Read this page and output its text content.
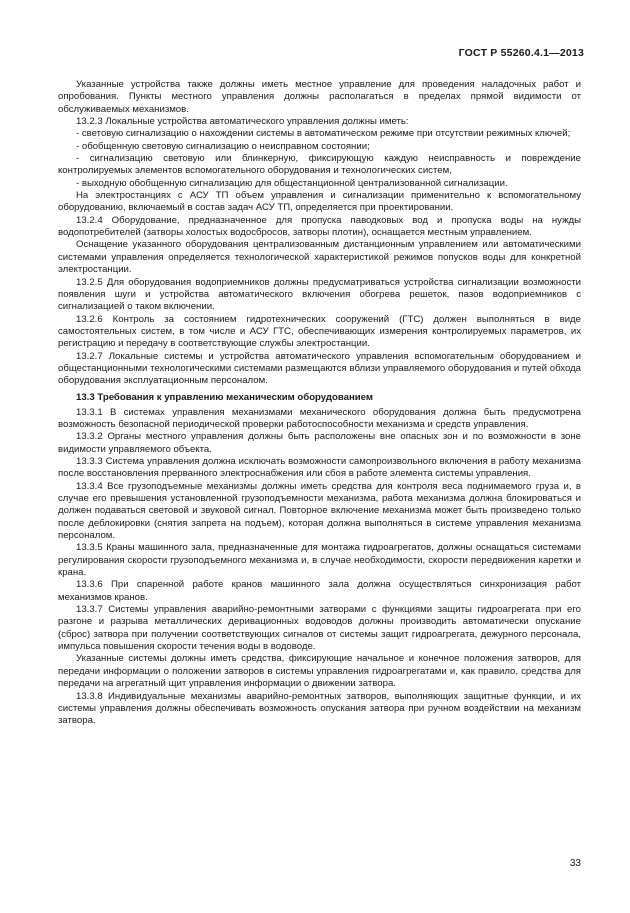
ГОСТ Р 55260.4.1—2013

Указанные устройства также должны иметь местное управление для проведения наладочных работ и опробования. Пункты местного управления должны располагаться в пределах прямой видимости от обслуживаемых механизмов.

13.2.3 Локальные устройства автоматического управления должны иметь:

- световую сигнализацию о нахождении системы в автоматическом режиме при отсутствии режимных ключей;

- обобщенную световую сигнализацию о неисправном состоянии;

- сигнализацию световую или блинкерную, фиксирующую каждую неисправность и повреждение контролируемых элементов вспомогательного оборудования и технологических систем,

- выходную обобщенную сигнализацию для общестанционной централизованной сигнализации.

На электростанциях с АСУ ТП объем управления и сигнализации применительно к вспомогательному оборудованию, включаемый в состав задач АСУ ТП, определяется при проектировании.

13.2.4 Оборудование, предназначенное для пропуска паводковых вод и пропуска воды на нужды водопотребителей (затворы холостых водосбросов, затворы плотин), оснащается местным управлением.

Оснащение указанного оборудования централизованным дистанционным управлением или автоматическими системами управления определяется технологической характеристикой режимов попусков воды для конкретной электростанции.

13.2.5 Для оборудования водоприемников должны предусматриваться устройства сигнализации возможности появления шуги и устройства автоматического включения обогрева решеток, пазов водоприемников с сигнализацией о таком включении.

13.2.6 Контроль за состоянием гидротехнических сооружений (ГТС) должен выполняться в виде самостоятельных систем, в том числе и АСУ ГТС, обеспечивающих измерения контролируемых параметров, их регистрацию и передачу в соответствующие службы электростанции.

13.2.7 Локальные системы и устройства автоматического управления вспомогательным оборудованием и общестанционными технологическими системами размещаются вблизи управляемого оборудования и путей обхода оборудования эксплуатационным персоналом.

13.3 Требования к управлению механическим оборудованием

13.3.1 В системах управления механизмами механического оборудования должна быть предусмотрена возможность безопасной периодической проверки работоспособности механизма и средств управления.

13.3.2 Органы местного управления должны быть расположены вне опасных зон и по возможности в зоне видимости управляемого объекта.

13.3.3 Система управления должна исключать возможности самопроизвольного включения в работу механизма после восстановления прерванного электроснабжения или сбоя в работе элемента системы управления.

13.3.4 Все грузоподъемные механизмы должны иметь средства для контроля веса поднимаемого груза и, в случае его превышения установленной грузоподъемности механизма, работа механизма должна блокироваться и должен подаваться световой и звуковой сигнал. Повторное включение механизма может быть произведено только после деблокировки (снятия запрета на подъем), которая должна выполняться в системе управления механизма персоналом.

13.3.5 Краны машинного зала, предназначенные для монтажа гидроагрегатов, должны оснащаться системами регулирования скорости грузоподъемного механизма и, в случае необходимости, скорости передвижения каретки и крана.

13.3.6 При спаренной работе кранов машинного зала должна осуществляться синхронизация работ механизмов кранов.

13.3.7 Системы управления аварийно-ремонтными затворами с функциями защиты гидроагрегата при его разгоне и разрыва металлических деривационных водоводов должны производить автоматически опускание (сброс) затвора при получении соответствующих сигналов от системы защит гидроагрегата, дежурного персонала, импульса повышения скорости течения воды в водоводе.

Указанные системы должны иметь средства, фиксирующие начальное и конечное положения затворов, для передачи информации о положении затворов в системы управления гидроагрегатами и, как правило, средства для передачи на агрегатный щит управления информации о движении затвора.

13.3.8 Индивидуальные механизмы аварийно-ремонтных затворов, выполняющих защитные функции, и их системы управления должны обеспечивать возможность опускания затвора при ручном воздействии на механизм затвора.

33
